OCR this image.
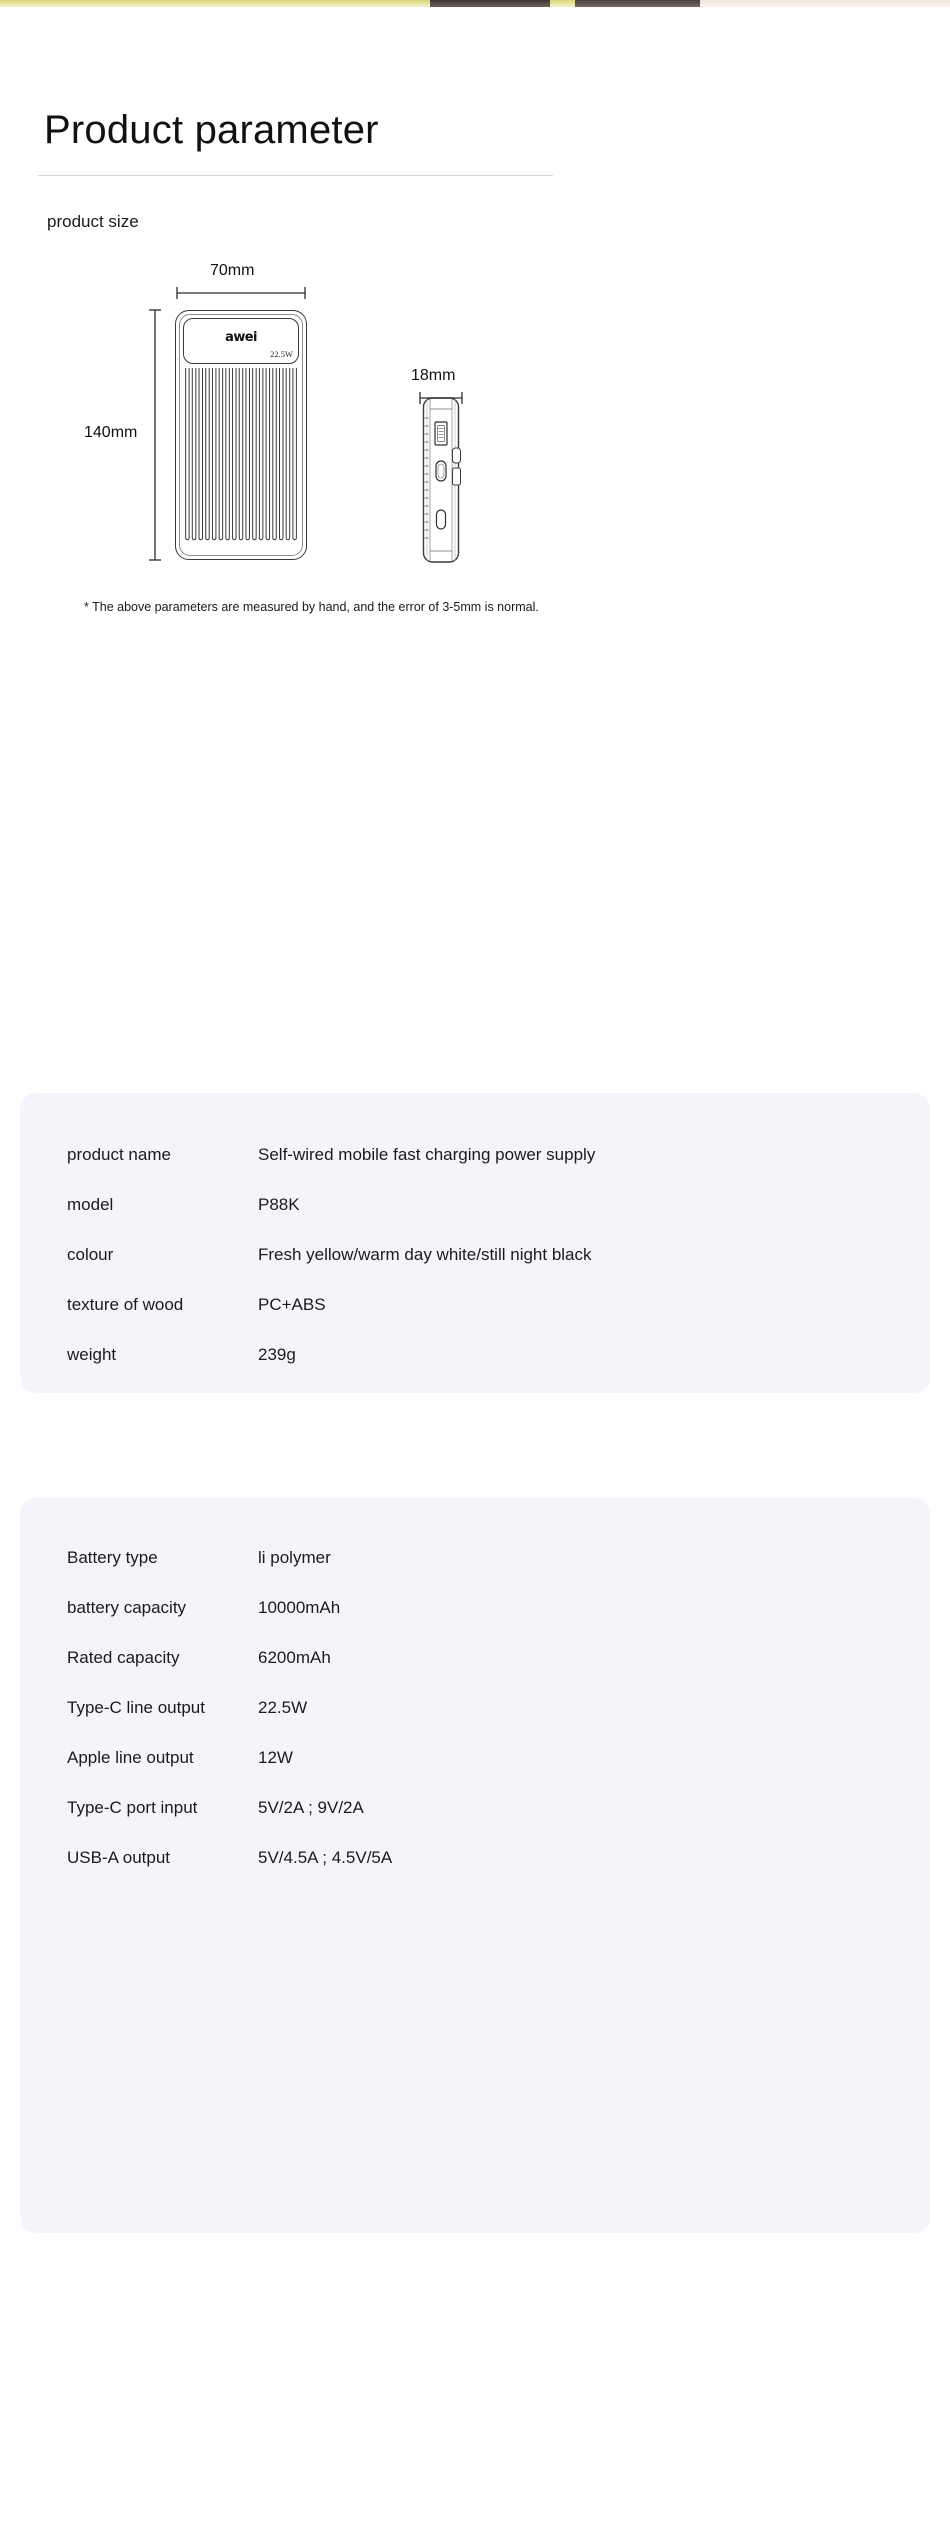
Product parameter
product size
awei
22.5W
70mm
140mm
18mm
* The above parameters are measured by hand, and the error of 3-5mm is normal.
product name	Self-wired mobile fast charging power supply
model	P88K
colour	Fresh yellow/warm day white/still night black
texture of wood	PC+ABS
weight	239g
Battery type	li polymer
battery capacity	10000mAh
Rated capacity	6200mAh
Type-C line output	22.5W
Apple line output	12W
Type-C port input	5V/2A ; 9V/2A
USB-A output	5V/4.5A ; 4.5V/5A
